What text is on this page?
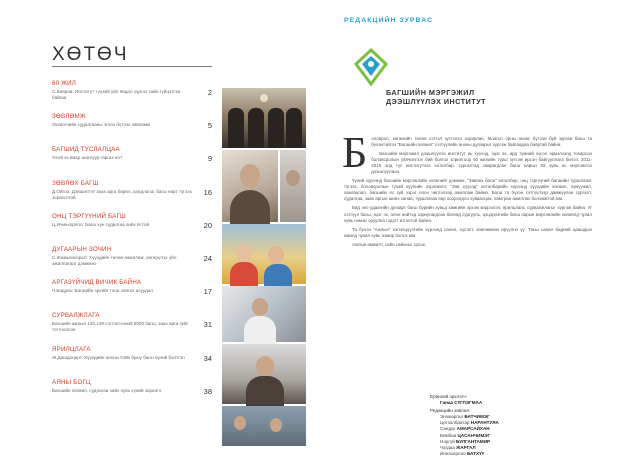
ХӨТӨЧ
60 ЖИЛ
С.Баяраа: Институт түүхий үйл явдал үүргээ сайн гүйцэтгэж байгаа
2
ЗӨВЛӨМЖ
Зохиогчийн судалгааны эгнээ бүтээх зөвлөмж	5
БАГШИД ТУСЛАЛЦАА
Үнэлгээ ямар шалгуур гаргах вэ?	9
ЗӨВЛӨХ БАГШ
Д.Ойгоо: Дэвшилтэт заах арга барил, хандлагыг багш нарт түгээх зорилготой
16
ОНЦ ТЭРГҮҮНИЙ БАГШ
Ц.Ичинхорлоо: Багш хүн судалгаа хийх ёстой	20
ДУГААРЫН ЗОЧИН
С.Жамьянхорол: Хүүхдийн төлөө ажиллаж, хөгжүүлэх үйл ажиллагааг дэмжинэ
24
АРГАЗҮЙЧИД ВИЧИК БАЙНА
Ч.Бадрах: Багшийн эрхийг тэгш хангах асуудал	17
СУРВАЛЖЛАГА
Багшийн ажлын 132,138 сэтгэлгээний 5000 багш, заах арга зүйг тогтоолсон
31
ЯРИЛЦЛАГА
Ж.Дашдондог: Хүүхдийн анхны СӨБ буюу багш хүний бэлтгэл	34
АЯНЫ БОГЦ
Багшийн хөгжил, судлагаа хийх хувь хүний зорилго	38
РЕДАКЦИЙН ЗУРВАС
БАГШИЙН МЭРГЭЖИЛ
ДЭЭШЛҮҮЛЭХ ИНСТИТУТ
Б оловрол, хөгжлийн төлөө сэтгэл зүтгэлээ зориулан, Монгол орны өнөөг бүтээн буй зургаа багш та бүхэнтэйгээ "Багшийн хөгжил" сэтгүүлийн анхны дугаарыг хүргэж байгаадаа баяртай байна.

Багшийн мэргэжил дээшлүүлэх институт нь хүүхэд, эцэг эх, ард түмний хүсэл эрмэлзэлд тохирсон боловсролын үйлчилгээг бий болгох зорилгоор 60 жилийн турш зүтгэж ирсэн байгууллага билээ. 2011-2015 онд тус институтээс хөтөлбөр, сургалтад хамрагдсан багш нарын 92 хувь нь мэргэжлээ дээшлүүлжээ.

Үүний хүрээнд багшийн мэргэжлийн хөгжлийг дэмжих, "Зөвлөх багш" хөтөлбөр, онц тэргүүний багшийн туршлагыг түгээх, боловсролын тухай хуулийн хэрэгжилт, "Зөв хүүхэд" хөтөлбөрийн хүрээнд хүүхдийн хөгжил, хүмүүжил, хамгаалал, багшийн ёс зүй зэрэг олон чиглэлээр ажиллаж байна. Багш та бүхэн сэтгүүлээр дамжуулан сургалт, судалгаа, заах аргын шинэ санаа, туршлагаа өөр хоорондоо хуваалцах, хамтран ажиллах боломжтой юм.

Бид энэ удаагийн дугаарт багш бүрийн хувьд хамгийн эрхэм мэдээлэл, ярилцлага, сурвалжлагыг хүргэж байна. Уг сэтгүүл багш, эцэг эх, олон нийтэд зориулагдсан бөгөөд сургууль, цэцэрлэгийн багш нарын мэргэжлийн хөгжилд чухал хувь нэмэр оруулна гэдэгт итгэлтэй байна.

Та бүхэн "Ажлын" хэлэлцүүлгийн хүрээнд санал, хүсэлт, зөвлөмжөө ирүүлнэ үү. Таны санал бидний цаашдын ажилд чухал хувь нэмэр болох юм.

Ажлын амжилт, сайн сайхныг хүсье.

Ерөнхий эрхлэгч:
Ганаа СҮГЛЭГМАА
Редакцийн зөвлөл:
Энхжаргал БАТЧИМЭГ
Цогзолбаатар НАРАНТУЯА
Сандаг АМАРСАЙХАН
Бямбаа ЦАСАНЧИМЭГ
Нэргүй БУЛГАНТАМИР
Чагдаа ЖАРГАЛ
Иннэхорлоо БАТХҮҮ
